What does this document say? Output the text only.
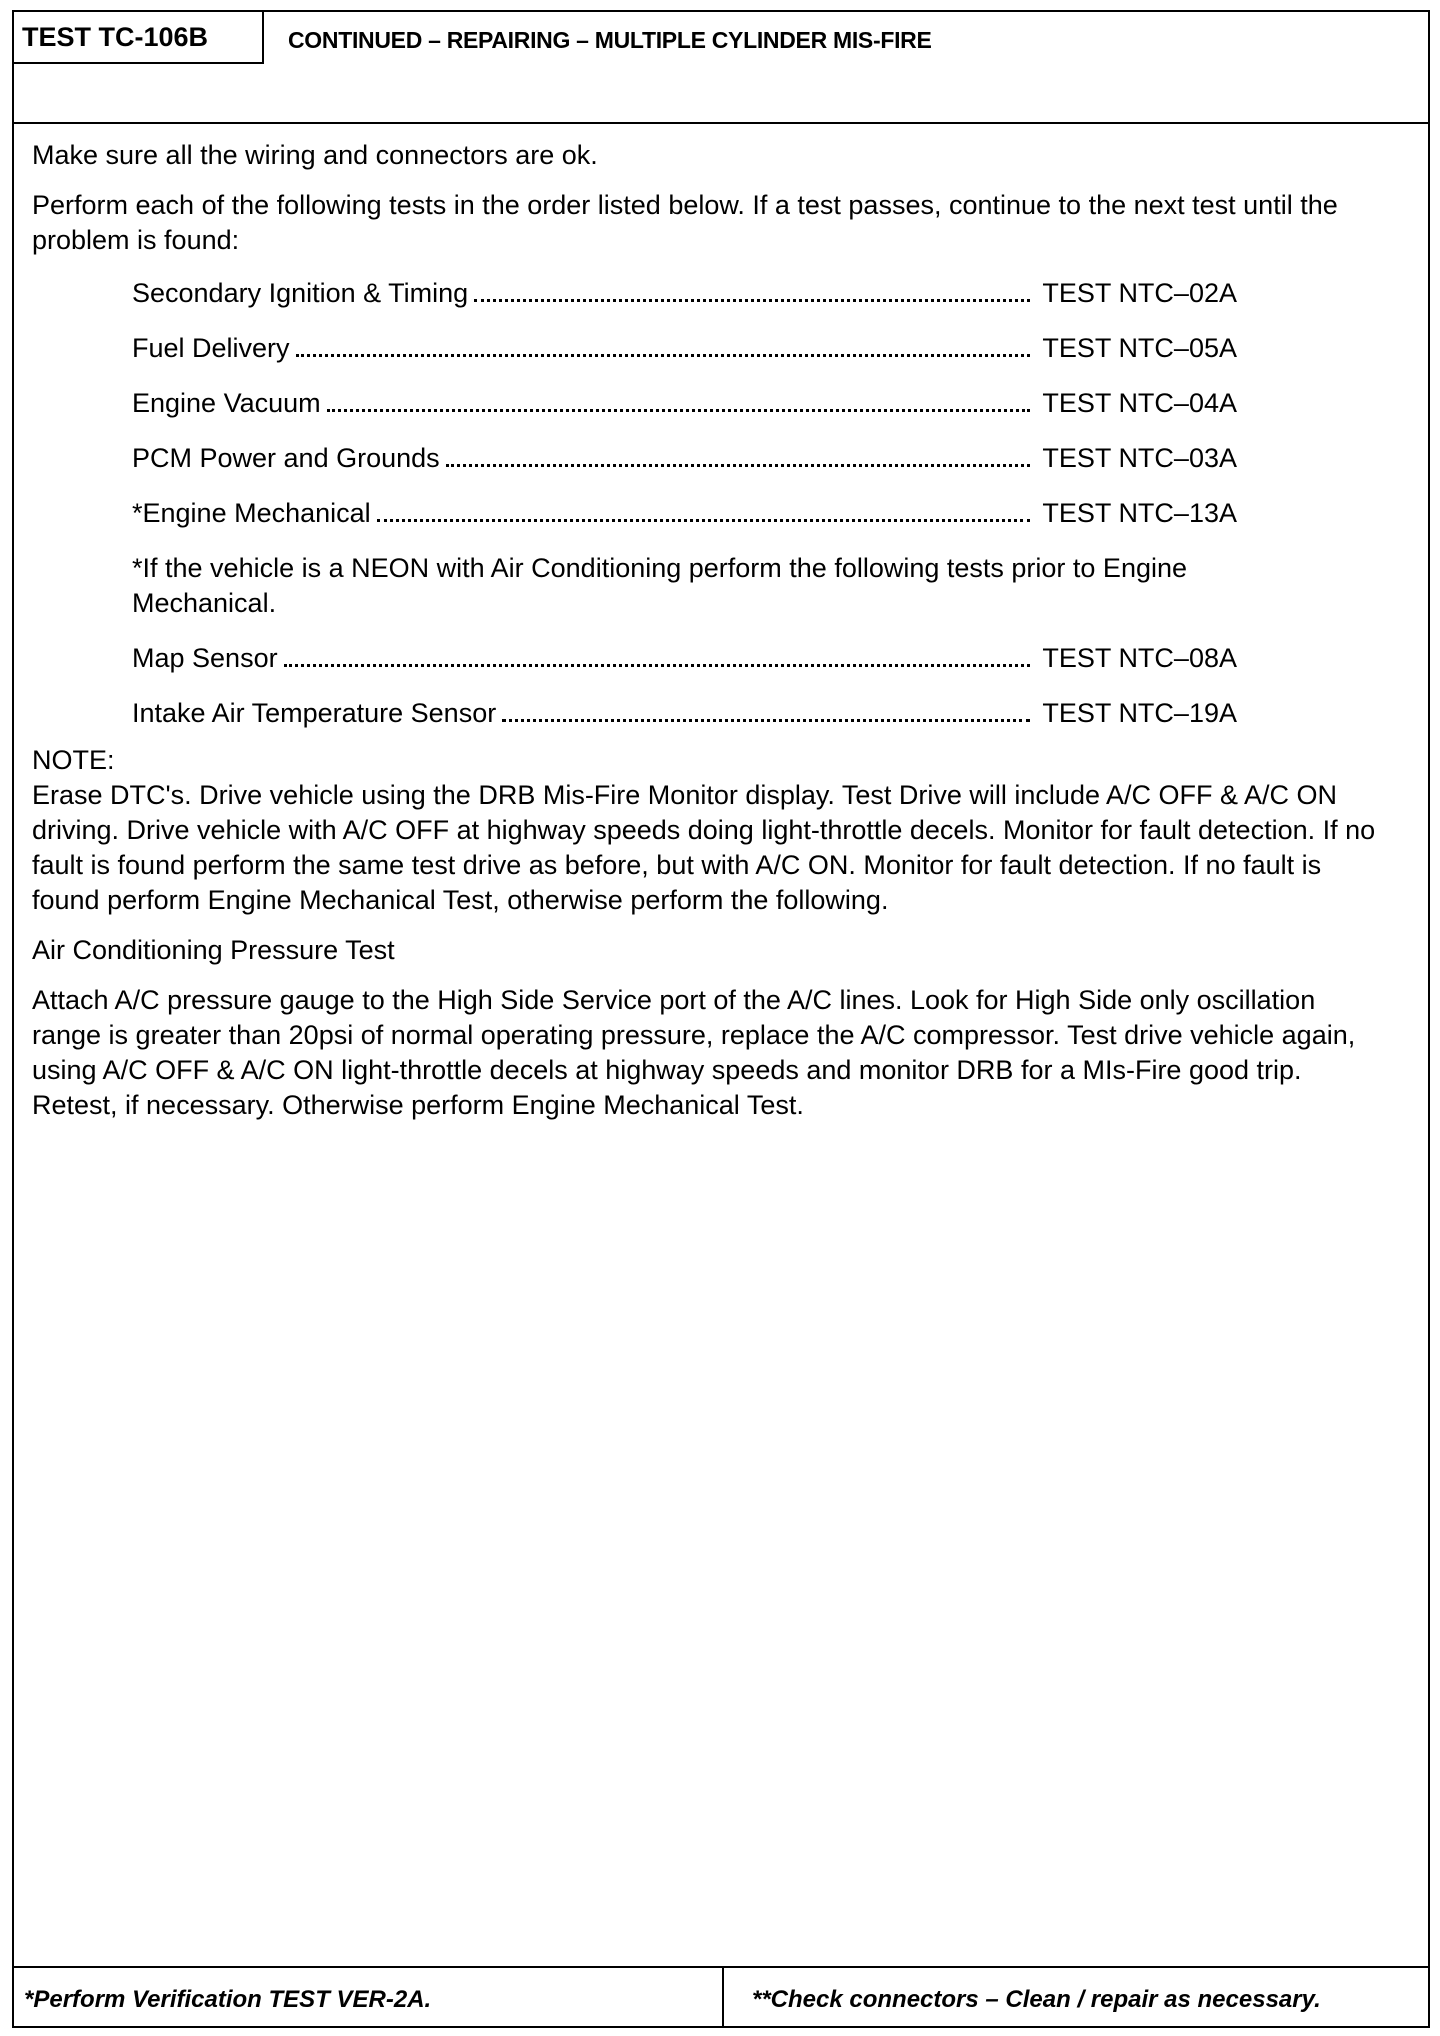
TEST TC-106B	CONTINUED – REPAIRING – MULTIPLE CYLINDER MIS-FIRE
*Perform Verification TEST VER-2A.	**Check connectors – Clean / repair as necessary.

Make sure all the wiring and connectors are ok.

Perform each of the following tests in the order listed below. If a test passes, continue to the next test until the problem is found:

Secondary Ignition & Timing	TEST NTC–02A
Fuel Delivery	TEST NTC–05A
Engine Vacuum	TEST NTC–04A
PCM Power and Grounds	TEST NTC–03A
*Engine Mechanical	TEST NTC–13A

*If the vehicle is a NEON with Air Conditioning perform the following tests prior to Engine Mechanical.

Map Sensor	TEST NTC–08A
Intake Air Temperature Sensor	TEST NTC–19A

NOTE:

Erase DTC's. Drive vehicle using the DRB Mis-Fire Monitor display. Test Drive will include A/C OFF & A/C ON driving. Drive vehicle with A/C OFF at highway speeds doing light-throttle decels. Monitor for fault detection. If no fault is found perform the same test drive as before, but with A/C ON. Monitor for fault detection. If no fault is found perform Engine Mechanical Test, otherwise perform the following.

Air Conditioning Pressure Test

Attach A/C pressure gauge to the High Side Service port of the A/C lines. Look for High Side only oscillation range is greater than 20psi of normal operating pressure, replace the A/C compressor. Test drive vehicle again, using A/C OFF & A/C ON light-throttle decels at highway speeds and monitor DRB for a MIs-Fire good trip. Retest, if necessary. Otherwise perform Engine Mechanical Test.
